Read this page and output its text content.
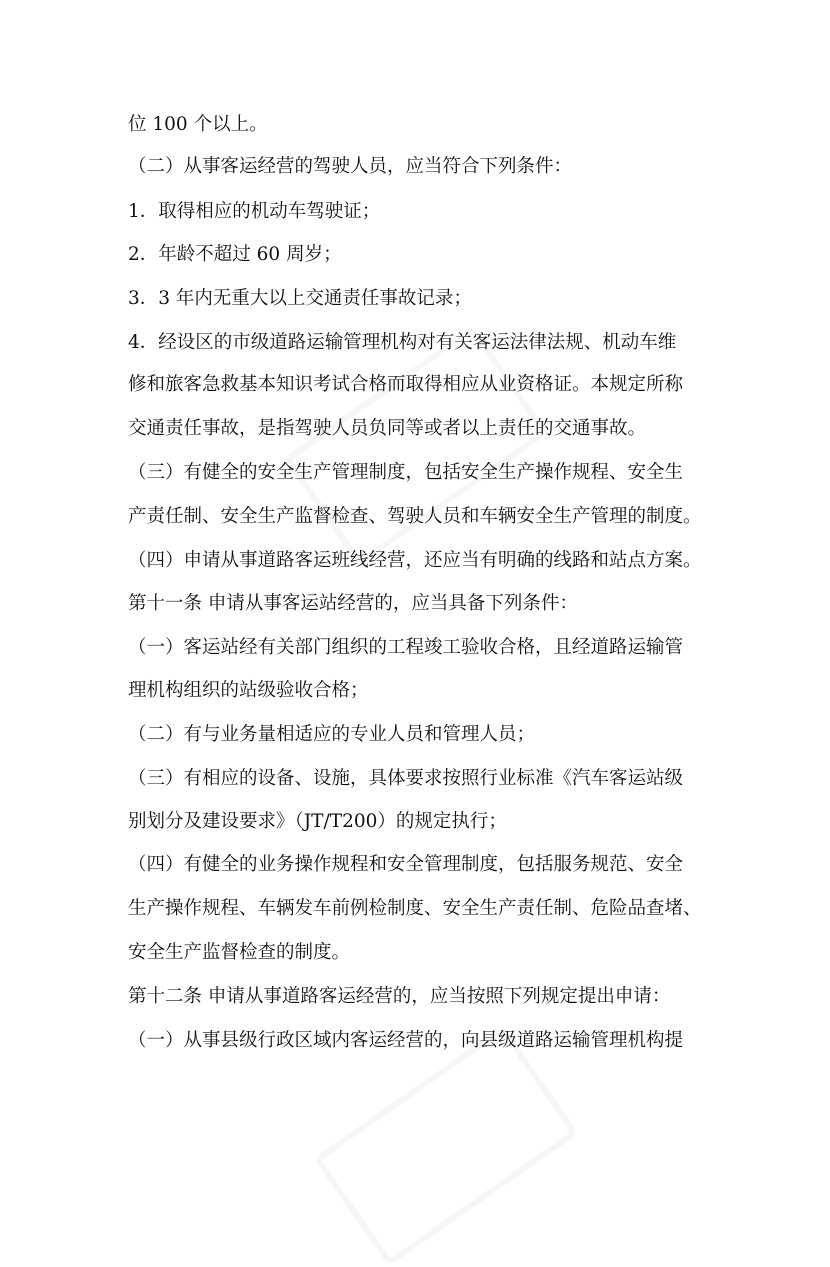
位 100 个以上。
（二）从事客运经营的驾驶人员，应当符合下列条件：
1．取得相应的机动车驾驶证；
2．年龄不超过 60 周岁；
3．3 年内无重大以上交通责任事故记录；
4．经设区的市级道路运输管理机构对有关客运法律法规、机动车维
修和旅客急救基本知识考试合格而取得相应从业资格证。本规定所称
交通责任事故，是指驾驶人员负同等或者以上责任的交通事故。
（三）有健全的安全生产管理制度，包括安全生产操作规程、安全生
产责任制、安全生产监督检查、驾驶人员和车辆安全生产管理的制度。
（四）申请从事道路客运班线经营，还应当有明确的线路和站点方案。
第十一条 申请从事客运站经营的，应当具备下列条件：
（一）客运站经有关部门组织的工程竣工验收合格，且经道路运输管
理机构组织的站级验收合格；
（二）有与业务量相适应的专业人员和管理人员；
（三）有相应的设备、设施，具体要求按照行业标准《汽车客运站级
别划分及建设要求》（JT/T200）的规定执行；
（四）有健全的业务操作规程和安全管理制度，包括服务规范、安全
生产操作规程、车辆发车前例检制度、安全生产责任制、危险品查堵、
安全生产监督检查的制度。
第十二条 申请从事道路客运经营的，应当按照下列规定提出申请：
（一）从事县级行政区域内客运经营的，向县级道路运输管理机构提
